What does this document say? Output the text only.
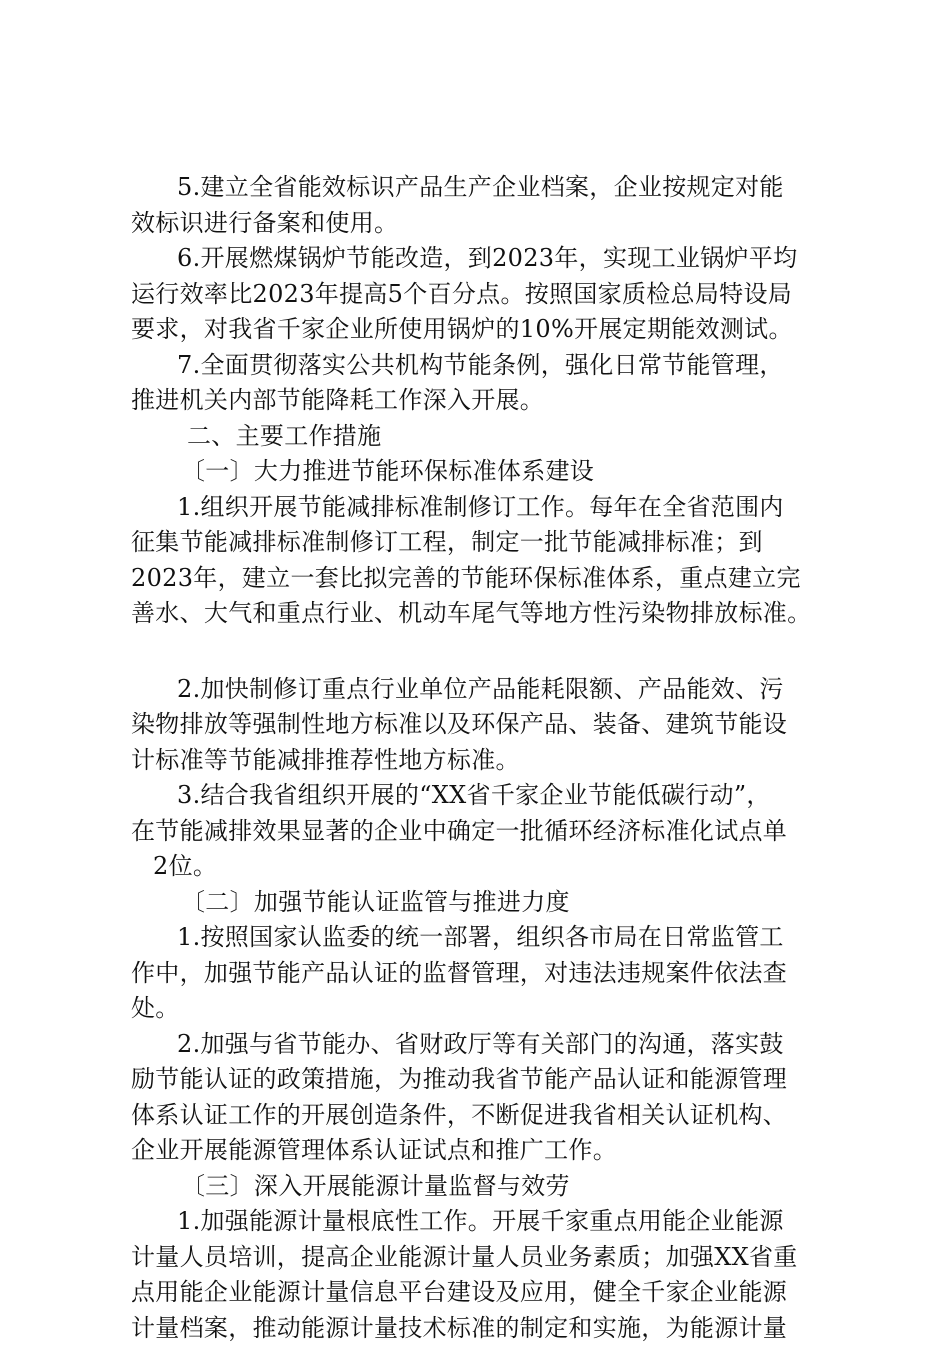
5.建立全省能效标识产品生产企业档案，企业按规定对能
效标识进行备案和使用。
6.开展燃煤锅炉节能改造，到2023年，实现工业锅炉平均
运行效率比2023年提高5个百分点。按照国家质检总局特设局
要求，对我省千家企业所使用锅炉的10%开展定期能效测试。
7.全面贯彻落实公共机构节能条例，强化日常节能管理，
推进机关内部节能降耗工作深入开展。
二、主要工作措施
〔一〕大力推进节能环保标准体系建设
1.组织开展节能减排标准制修订工作。每年在全省范围内
征集节能减排标准制修订工程，制定一批节能减排标准；到
2023年，建立一套比拟完善的节能环保标准体系，重点建立完
善水、大气和重点行业、机动车尾气等地方性污染物排放标准。
2.加快制修订重点行业单位产品能耗限额、产品能效、污
染物排放等强制性地方标准以及环保产品、装备、建筑节能设
计标准等节能减排推荐性地方标准。
3.结合我省组织开展的“XX省千家企业节能低碳行动”，
在节能减排效果显著的企业中确定一批循环经济标准化试点单
2位。
〔二〕加强节能认证监管与推进力度
1.按照国家认监委的统一部署，组织各市局在日常监管工
作中，加强节能产品认证的监督管理，对违法违规案件依法查
处。
2.加强与省节能办、省财政厅等有关部门的沟通，落实鼓
励节能认证的政策措施，为推动我省节能产品认证和能源管理
体系认证工作的开展创造条件，不断促进我省相关认证机构、
企业开展能源管理体系认证试点和推广工作。
〔三〕深入开展能源计量监督与效劳
1.加强能源计量根底性工作。开展千家重点用能企业能源
计量人员培训，提高企业能源计量人员业务素质；加强XX省重
点用能企业能源计量信息平台建设及应用，健全千家企业能源
计量档案，推动能源计量技术标准的制定和实施，为能源计量
